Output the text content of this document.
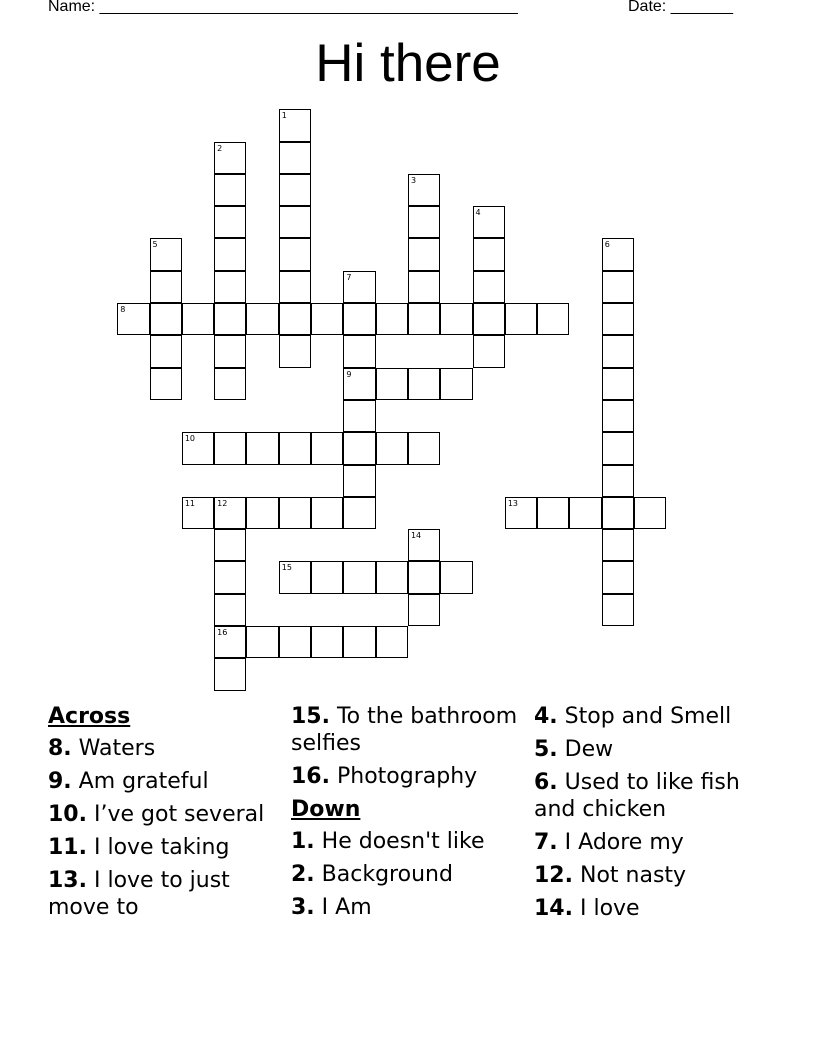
Name: _______________________________________________	Date: _______
Hi there
8
9
10
11	12	13
15
16
1
2
3
4
5	6
7
14
Across
8. Waters
9. Am grateful
10. I’ve got several
11. I love taking
13. I love to just move to
15. To the bathroom selfies
16. Photography
Down
1. He doesn't like
2. Background
3. I Am
4. Stop and Smell
5. Dew
6. Used to like fish and chicken
7. I Adore my
12. Not nasty
14. I love
